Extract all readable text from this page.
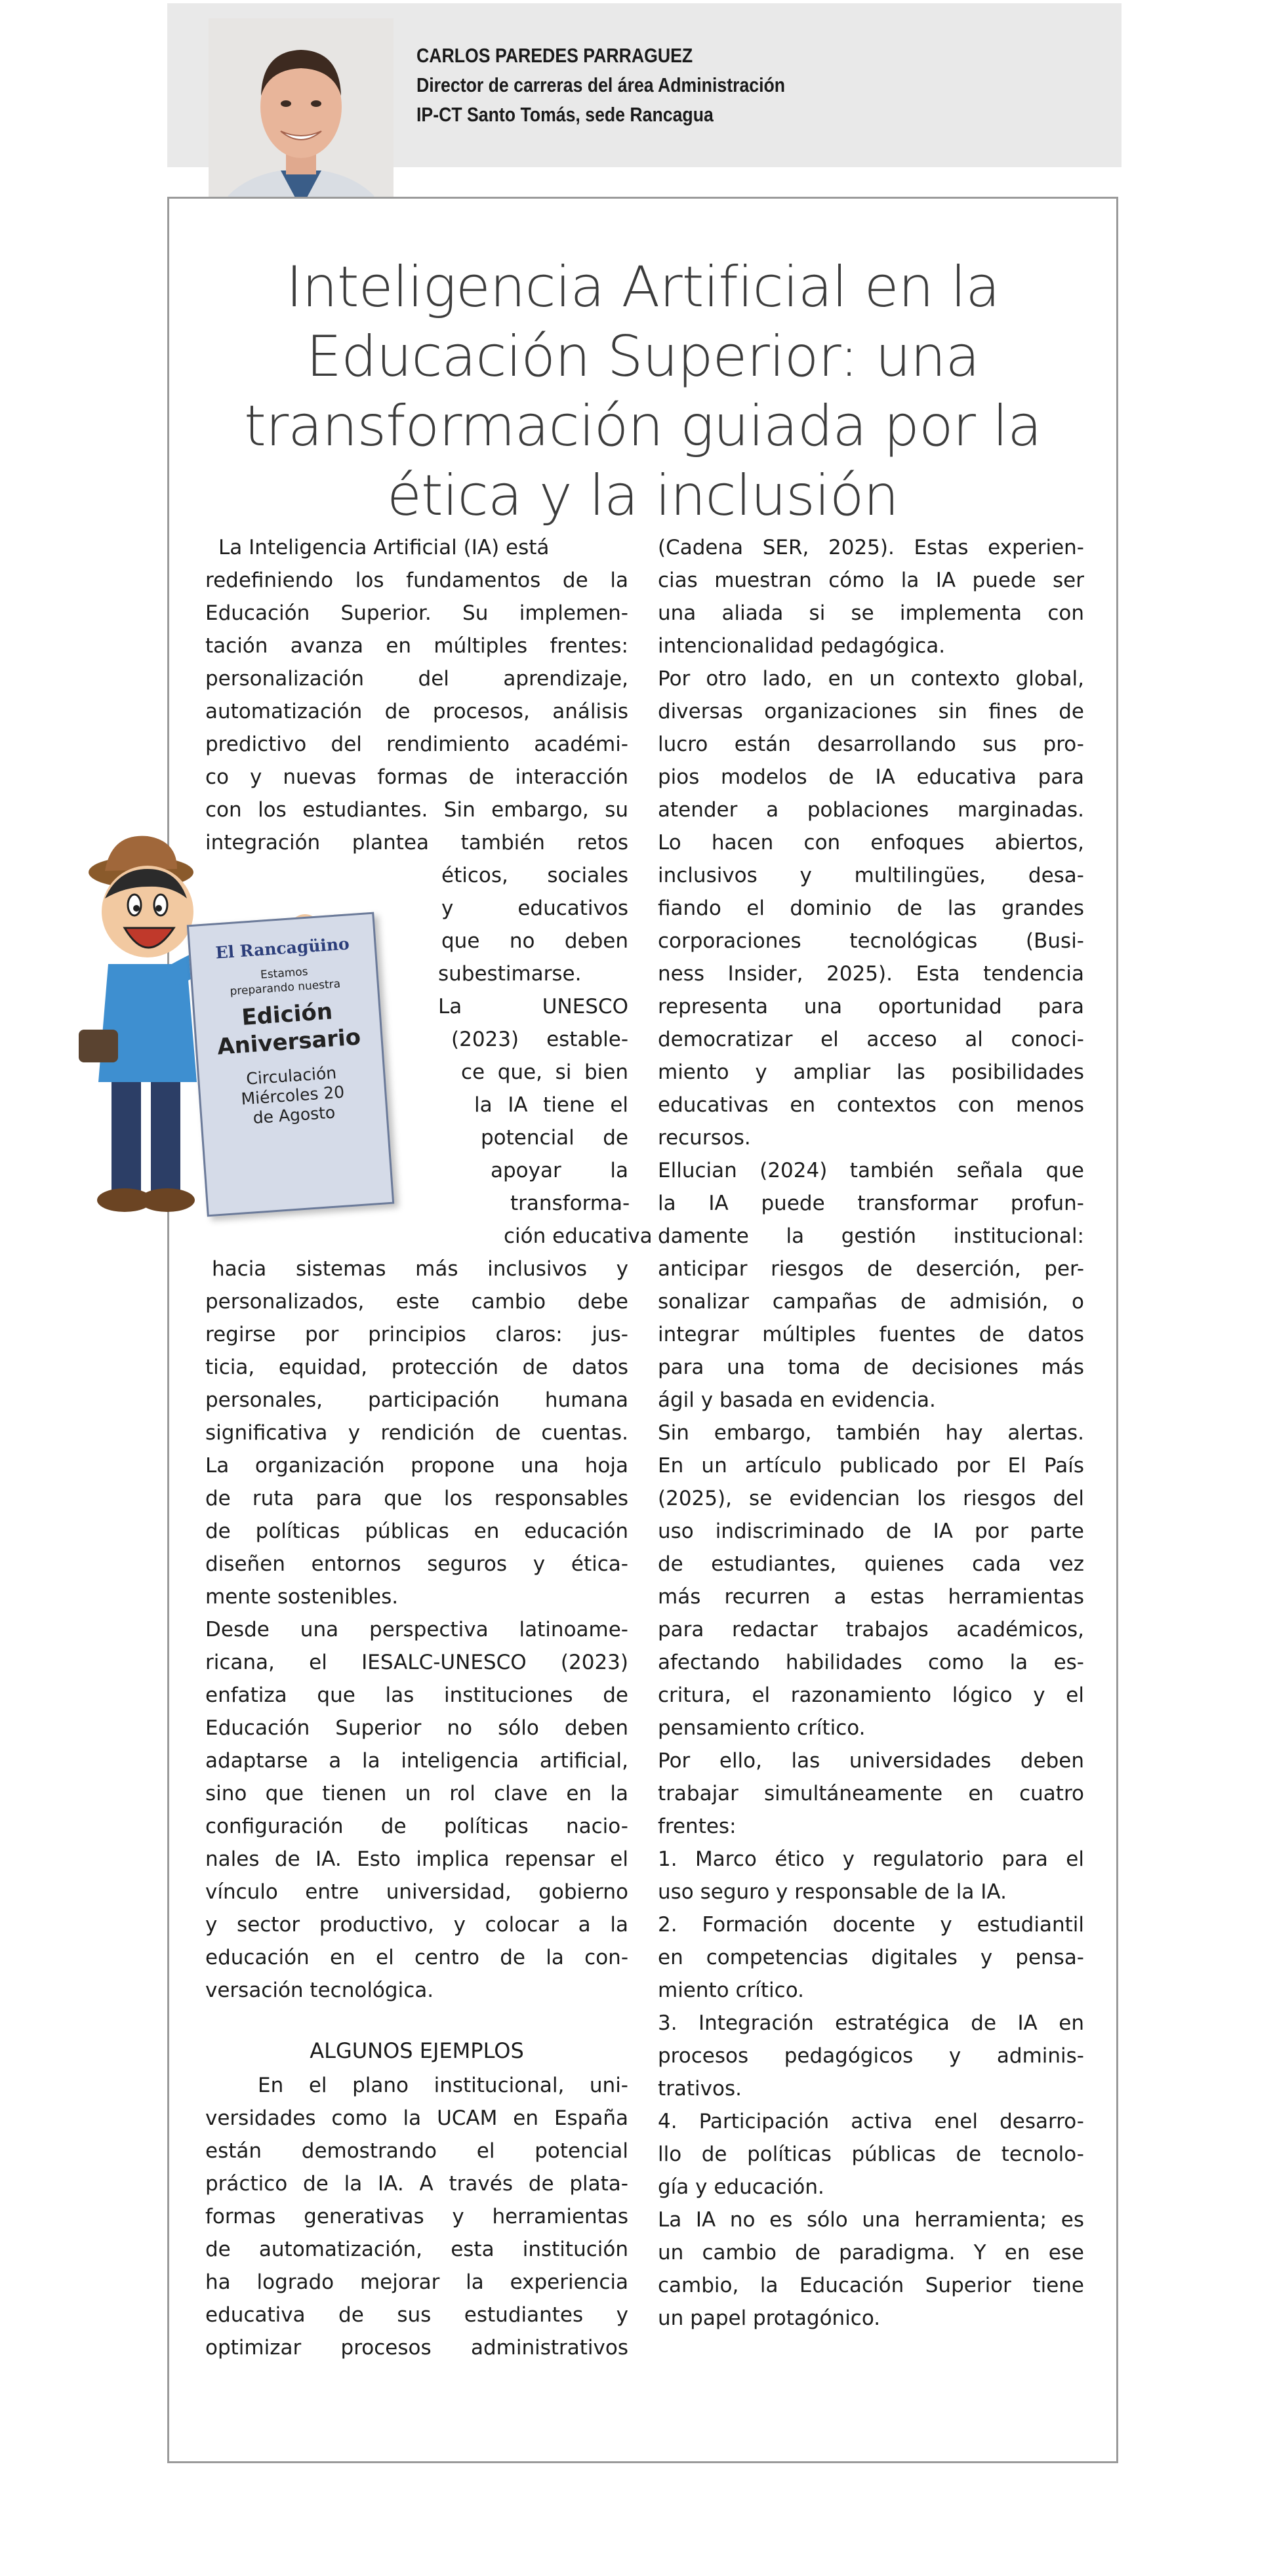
CARLOS PAREDES PARRAGUEZ
Director de carreras del área Administración
IP-CT Santo Tomás, sede Rancagua
Inteligencia Artificial en la
Educación Superior: una
transformación guiada por la
ética y la inclusión
La Inteligencia Artificial (IA) está
redefiniendo los fundamentos de la
Educación Superior. Su implemen-
tación avanza en múltiples frentes:
personalización del aprendizaje,
automatización de procesos, análisis
predictivo del rendimiento académi-
co y nuevas formas de interacción
con los estudiantes. Sin embargo, su
integración plantea también retos
éticos, sociales
y educativos
que no deben
subestimarse.
La UNESCO
(2023) estable-
ce que, si bien
la IA tiene el
potencial de
apoyar la
transforma-
ción educativa
hacia sistemas más inclusivos y
personalizados, este cambio debe
regirse por principios claros: jus-
ticia, equidad, protección de datos
personales, participación humana
significativa y rendición de cuentas.
La organización propone una hoja
de ruta para que los responsables
de políticas públicas en educación
diseñen entornos seguros y ética-
mente sostenibles.
Desde una perspectiva latinoame-
ricana, el IESALC-UNESCO (2023)
enfatiza que las instituciones de
Educación Superior no sólo deben
adaptarse a la inteligencia artificial,
sino que tienen un rol clave en la
configuración de políticas nacio-
nales de IA. Esto implica repensar el
vínculo entre universidad, gobierno
y sector productivo, y colocar a la
educación en el centro de la con-
versación tecnológica.
ALGUNOS EJEMPLOS
En el plano institucional, uni-
versidades como la UCAM en España
están demostrando el potencial
práctico de la IA. A través de plata-
formas generativas y herramientas
de automatización, esta institución
ha logrado mejorar la experiencia
educativa de sus estudiantes y
optimizar procesos administrativos
(Cadena SER, 2025). Estas experien-
cias muestran cómo la IA puede ser
una aliada si se implementa con
intencionalidad pedagógica.
Por otro lado, en un contexto global,
diversas organizaciones sin fines de
lucro están desarrollando sus pro-
pios modelos de IA educativa para
atender a poblaciones marginadas.
Lo hacen con enfoques abiertos,
inclusivos y multilingües, desa-
fiando el dominio de las grandes
corporaciones tecnológicas (Busi-
ness Insider, 2025). Esta tendencia
representa una oportunidad para
democratizar el acceso al conoci-
miento y ampliar las posibilidades
educativas en contextos con menos
recursos.
Ellucian (2024) también señala que
la IA puede transformar profun-
damente la gestión institucional:
anticipar riesgos de deserción, per-
sonalizar campañas de admisión, o
integrar múltiples fuentes de datos
para una toma de decisiones más
ágil y basada en evidencia.
Sin embargo, también hay alertas.
En un artículo publicado por El País
(2025), se evidencian los riesgos del
uso indiscriminado de IA por parte
de estudiantes, quienes cada vez
más recurren a estas herramientas
para redactar trabajos académicos,
afectando habilidades como la es-
critura, el razonamiento lógico y el
pensamiento crítico.
Por ello, las universidades deben
trabajar simultáneamente en cuatro
frentes:
1. Marco ético y regulatorio para el
uso seguro y responsable de la IA.
2. Formación docente y estudiantil
en competencias digitales y pensa-
miento crítico.
3. Integración estratégica de IA en
procesos pedagógicos y adminis-
trativos.
4. Participación activa enel desarro-
llo de políticas públicas de tecnolo-
gía y educación.
La IA no es sólo una herramienta; es
un cambio de paradigma. Y en ese
cambio, la Educación Superior tiene
un papel protagónico.
El Rancagüino
Estamos
preparando nuestra
Edición
Aniversario
Circulación
Miércoles 20
de Agosto
